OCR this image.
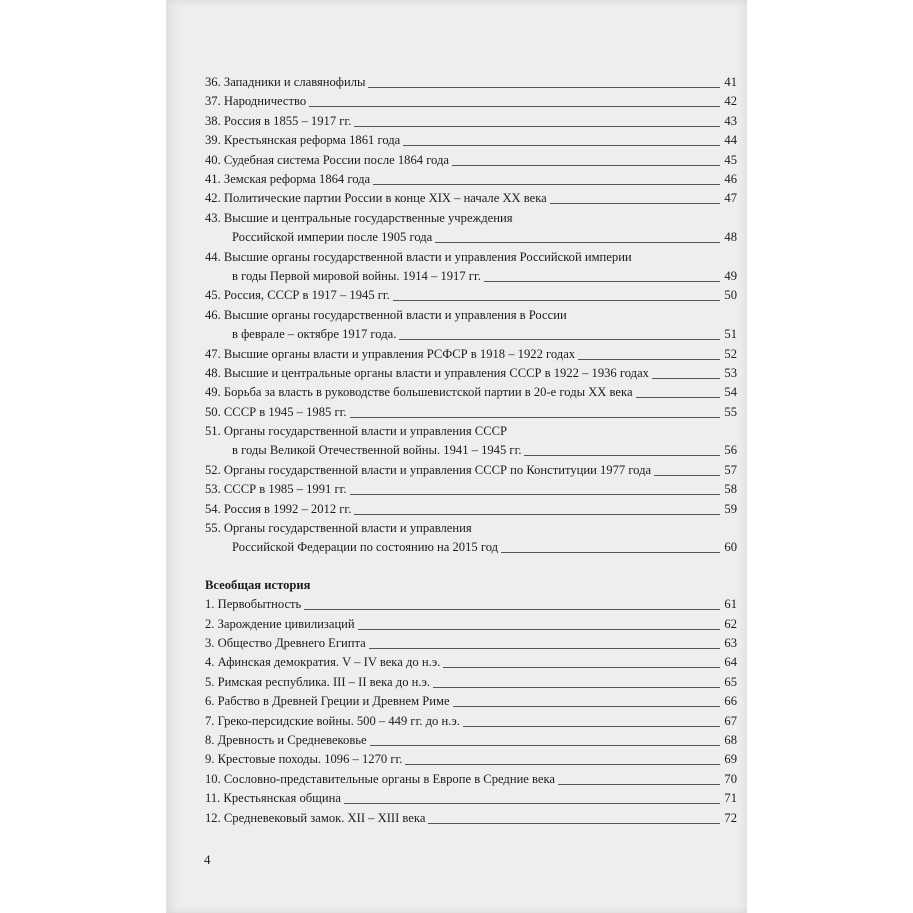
36. Западники и славянофилы	41
37. Народничество	42
38. Россия в 1855 – 1917 гг.	43
39. Крестьянская реформа 1861 года	44
40. Судебная система России после 1864 года	45
41. Земская реформа 1864 года	46
42. Политические партии России в конце XIX – начале XX века	47
43. Высшие и центральные государственные учреждения
Российской империи после 1905 года	48
44. Высшие органы государственной власти и управления Российской империи
в годы Первой мировой войны. 1914 – 1917 гг.	49
45. Россия, СССР в 1917 – 1945 гг.	50
46. Высшие органы государственной власти и управления в России
в феврале – октябре 1917 года.	51
47. Высшие органы власти и управления РСФСР в 1918 – 1922 годах	52
48. Высшие и центральные органы власти и управления СССР в 1922 – 1936 годах	53
49. Борьба за власть в руководстве большевистской партии в 20-е годы XX века	54
50. СССР в 1945 – 1985 гг.	55
51. Органы государственной власти и управления СССР
в годы Великой Отечественной войны. 1941 – 1945 гг.	56
52. Органы государственной власти и управления СССР по Конституции 1977 года	57
53. СССР в 1985 – 1991 гг.	58
54. Россия в 1992 – 2012 гг.	59
55. Органы государственной власти и управления
Российской Федерации по состоянию на 2015 год	60
Всеобщая история
1. Первобытность	61
2. Зарождение цивилизаций	62
3. Общество Древнего Египта	63
4. Афинская демократия. V – IV века до н.э.	64
5. Римская республика. III – II века до н.э.	65
6. Рабство в Древней Греции и Древнем Риме	66
7. Греко-персидские войны. 500 – 449 гг. до н.э.	67
8. Древность и Средневековье	68
9. Крестовые походы. 1096 – 1270 гг.	69
10. Сословно-представительные органы в Европе в Средние века	70
11. Крестьянская община	71
12. Средневековый замок. XII – XIII века	72
4
